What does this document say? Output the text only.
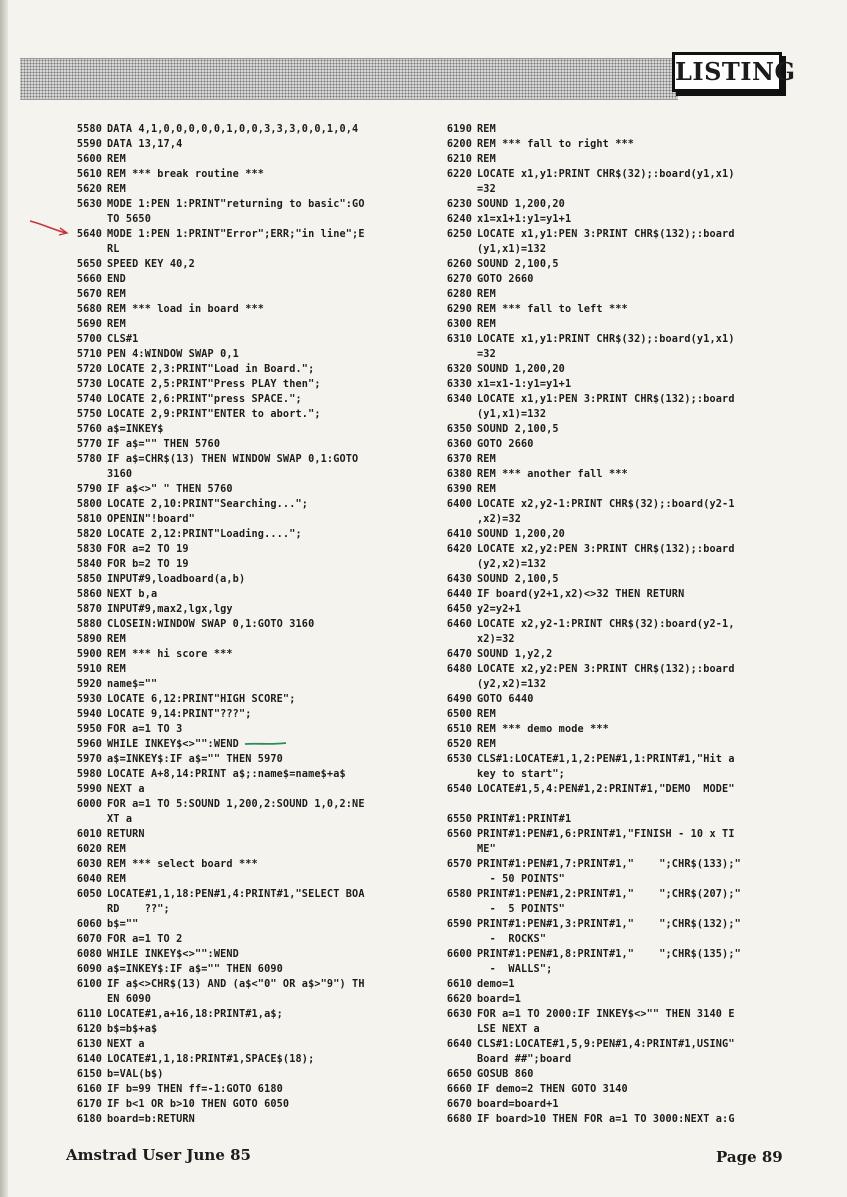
LISTING
5580 DATA 4,1,0,0,0,0,0,1,0,0,3,3,3,0,0,1,0,4
5590 DATA 13,17,4
5600 REM
5610 REM *** break routine ***
5620 REM
5630 MODE 1:PEN 1:PRINT"returning to basic":GO
TO 5650
5640 MODE 1:PEN 1:PRINT"Error";ERR;"in line";E
RL
5650 SPEED KEY 40,2
5660 END
5670 REM
5680 REM *** load in board ***
5690 REM
5700 CLS#1
5710 PEN 4:WINDOW SWAP 0,1
5720 LOCATE 2,3:PRINT"Load in Board.";
5730 LOCATE 2,5:PRINT"Press PLAY then";
5740 LOCATE 2,6:PRINT"press SPACE.";
5750 LOCATE 2,9:PRINT"ENTER to abort.";
5760 a$=INKEY$
5770 IF a$="" THEN 5760
5780 IF a$=CHR$(13) THEN WINDOW SWAP 0,1:GOTO
3160
5790 IF a$<>" " THEN 5760
5800 LOCATE 2,10:PRINT"Searching...";
5810 OPENIN"!board"
5820 LOCATE 2,12:PRINT"Loading....";
5830 FOR a=2 TO 19
5840 FOR b=2 TO 19
5850 INPUT#9,loadboard(a,b)
5860 NEXT b,a
5870 INPUT#9,max2,lgx,lgy
5880 CLOSEIN:WINDOW SWAP 0,1:GOTO 3160
5890 REM
5900 REM *** hi score ***
5910 REM
5920 name$=""
5930 LOCATE 6,12:PRINT"HIGH SCORE";
5940 LOCATE 9,14:PRINT"???";
5950 FOR a=1 TO 3
5960 WHILE INKEY$<>"":WEND
5970 a$=INKEY$:IF a$="" THEN 5970
5980 LOCATE A+8,14:PRINT a$;:name$=name$+a$
5990 NEXT a
6000 FOR a=1 TO 5:SOUND 1,200,2:SOUND 1,0,2:NE
XT a
6010 RETURN
6020 REM
6030 REM *** select board ***
6040 REM
6050 LOCATE#1,1,18:PEN#1,4:PRINT#1,"SELECT BOA
RD    ??";
6060 b$=""
6070 FOR a=1 TO 2
6080 WHILE INKEY$<>"":WEND
6090 a$=INKEY$:IF a$="" THEN 6090
6100 IF a$<>CHR$(13) AND (a$<"0" OR a$>"9") TH
EN 6090
6110 LOCATE#1,a+16,18:PRINT#1,a$;
6120 b$=b$+a$
6130 NEXT a
6140 LOCATE#1,1,18:PRINT#1,SPACE$(18);
6150 b=VAL(b$)
6160 IF b=99 THEN ff=-1:GOTO 6180
6170 IF b<1 OR b>10 THEN GOTO 6050
6180 board=b:RETURN
6190 REM
6200 REM *** fall to right ***
6210 REM
6220 LOCATE x1,y1:PRINT CHR$(32);:board(y1,x1)
=32
6230 SOUND 1,200,20
6240 x1=x1+1:y1=y1+1
6250 LOCATE x1,y1:PEN 3:PRINT CHR$(132);:board
(y1,x1)=132
6260 SOUND 2,100,5
6270 GOTO 2660
6280 REM
6290 REM *** fall to left ***
6300 REM
6310 LOCATE x1,y1:PRINT CHR$(32);:board(y1,x1)
=32
6320 SOUND 1,200,20
6330 x1=x1-1:y1=y1+1
6340 LOCATE x1,y1:PEN 3:PRINT CHR$(132);:board
(y1,x1)=132
6350 SOUND 2,100,5
6360 GOTO 2660
6370 REM
6380 REM *** another fall ***
6390 REM
6400 LOCATE x2,y2-1:PRINT CHR$(32);:board(y2-1
,x2)=32
6410 SOUND 1,200,20
6420 LOCATE x2,y2:PEN 3:PRINT CHR$(132);:board
(y2,x2)=132
6430 SOUND 2,100,5
6440 IF board(y2+1,x2)<>32 THEN RETURN
6450 y2=y2+1
6460 LOCATE x2,y2-1:PRINT CHR$(32):board(y2-1,
x2)=32
6470 SOUND 1,y2,2
6480 LOCATE x2,y2:PEN 3:PRINT CHR$(132);:board
(y2,x2)=132
6490 GOTO 6440
6500 REM
6510 REM *** demo mode ***
6520 REM
6530 CLS#1:LOCATE#1,1,2:PEN#1,1:PRINT#1,"Hit a
key to start";
6540 LOCATE#1,5,4:PEN#1,2:PRINT#1,"DEMO  MODE"
6550 PRINT#1:PRINT#1
6560 PRINT#1:PEN#1,6:PRINT#1,"FINISH - 10 x TI
ME"
6570 PRINT#1:PEN#1,7:PRINT#1,"    ";CHR$(133);"
- 50 POINTS"
6580 PRINT#1:PEN#1,2:PRINT#1,"    ";CHR$(207);"
-  5 POINTS"
6590 PRINT#1:PEN#1,3:PRINT#1,"    ";CHR$(132);"
-  ROCKS"
6600 PRINT#1:PEN#1,8:PRINT#1,"    ";CHR$(135);"
-  WALLS";
6610 demo=1
6620 board=1
6630 FOR a=1 TO 2000:IF INKEY$<>"" THEN 3140 E
LSE NEXT a
6640 CLS#1:LOCATE#1,5,9:PEN#1,4:PRINT#1,USING"
Board ##";board
6650 GOSUB 860
6660 IF demo=2 THEN GOTO 3140
6670 board=board+1
6680 IF board>10 THEN FOR a=1 TO 3000:NEXT a:G
Amstrad User June 85	Page 89
